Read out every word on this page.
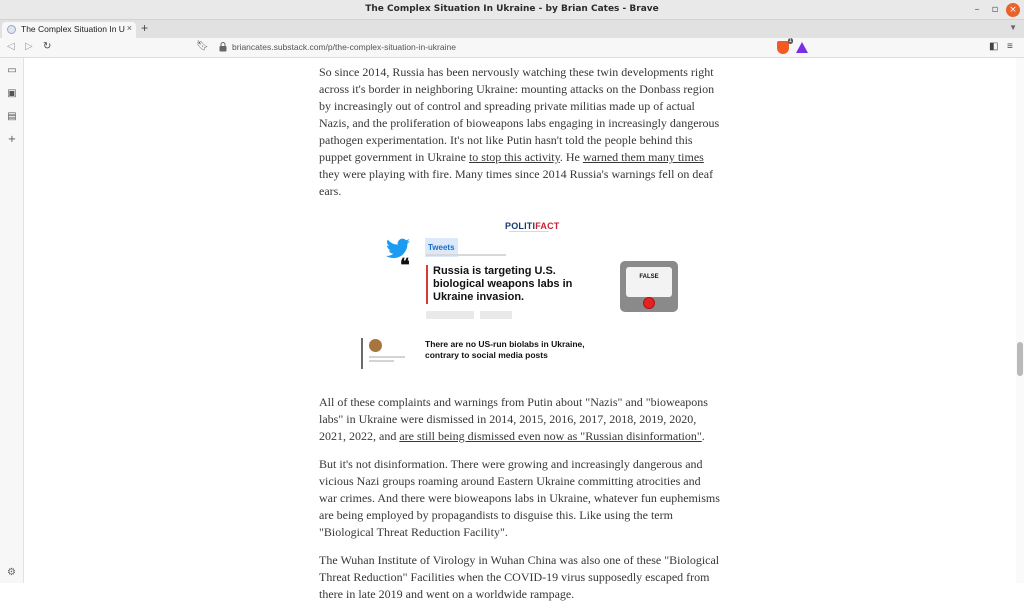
The Complex Situation In Ukraine - by Brian Cates - Brave	–	▫	×
The Complex Situation In U × +	▼
◁ ▷ ↻	🔖︎	briancates.substack.com/p/the-complex-situation-in-ukraine
1	◧ ≡
▭
▣
▤
+
⚙

So since 2014, Russia has been nervously watching these twin developments right across it's border in neighboring Ukraine: mounting attacks on the Donbass region by increasingly out of control and spreading private militias made up of actual Nazis, and the proliferation of bioweapons labs engaging in increasingly dangerous pathogen experimentation. It's not like Putin hasn't told the people behind this puppet government in Ukraine to stop this activity. He warned them many times they were playing with fire. Many times since 2014 Russia's warnings fell on deaf ears.

POLITIFACT
Tweets
❝	Russia is targeting U.S. biological weapons labs in Ukraine invasion.
FALSE
There are no US-run biolabs in Ukraine, contrary to social media posts

All of these complaints and warnings from Putin about "Nazis" and "bioweapons labs" in Ukraine were dismissed in 2014, 2015, 2016, 2017, 2018, 2019, 2020, 2021, 2022, and are still being dismissed even now as "Russian disinformation".

But it's not disinformation. There were growing and increasingly dangerous and vicious Nazi groups roaming around Eastern Ukraine committing atrocities and war crimes. And there were bioweapons labs in Ukraine, whatever fun euphemisms are being employed by propagandists to disguise this. Like using the term "Biological Threat Reduction Facility".

The Wuhan Institute of Virology in Wuhan China was also one of these "Biological Threat Reduction" Facilities when the COVID-19 virus supposedly escaped from there in late 2019 and went on a worldwide rampage.
